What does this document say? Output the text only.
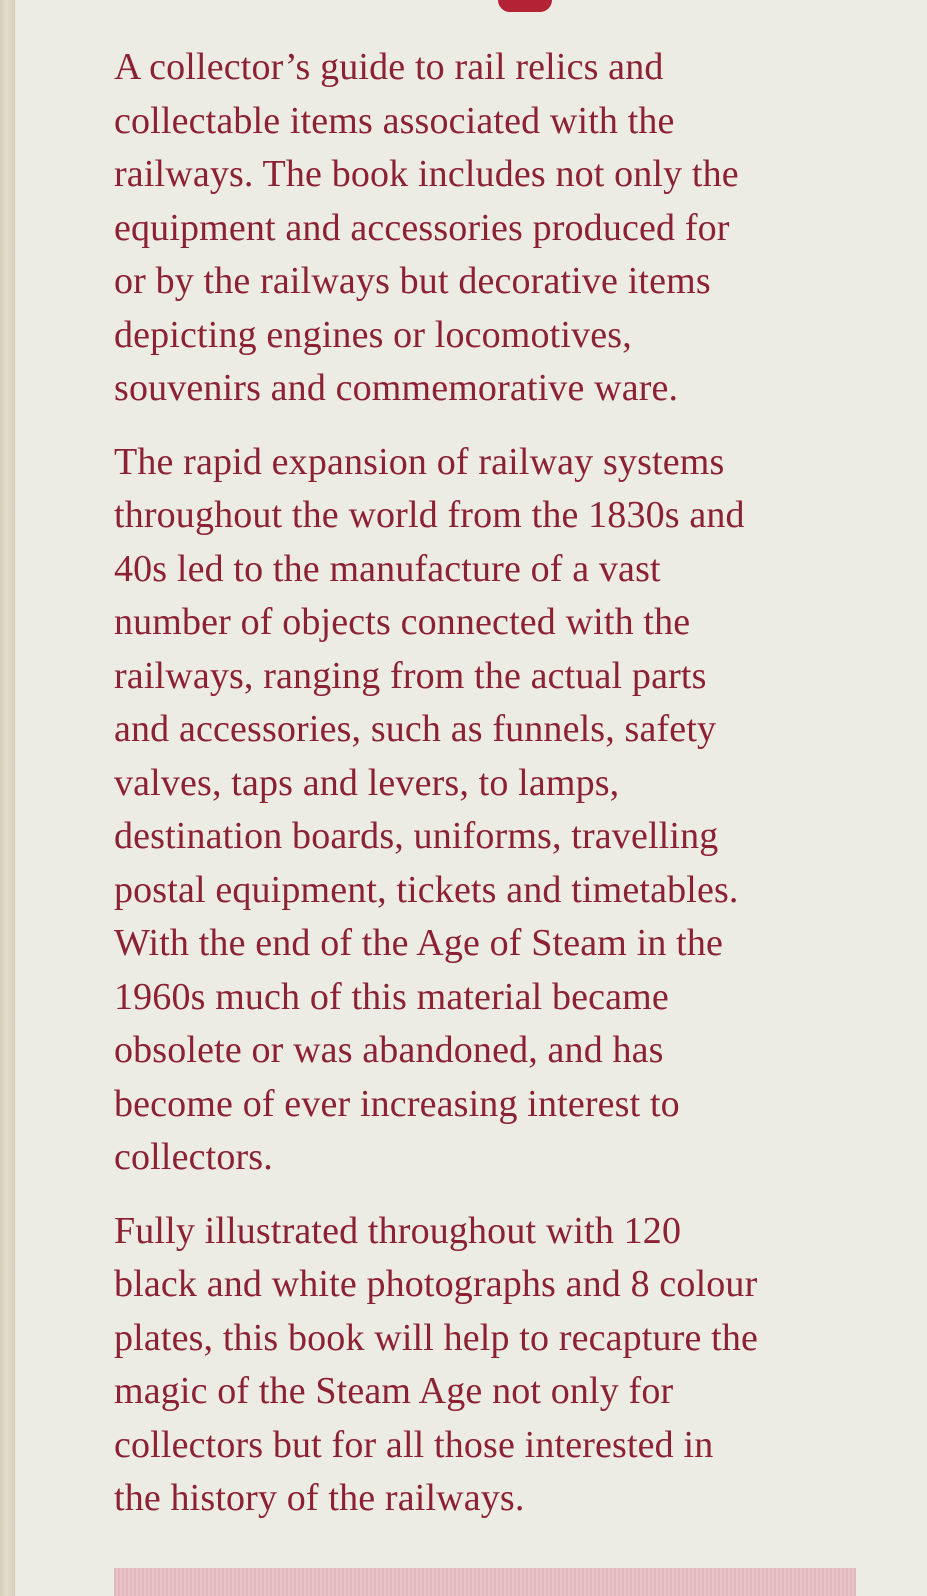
A collector’s guide to rail relics and
collectable items associated with the
railways. The book includes not only the
equipment and accessories produced for
or by the railways but decorative items
depicting engines or locomotives,
souvenirs and commemorative ware.

The rapid expansion of railway systems
throughout the world from the 1830s and
40s led to the manufacture of a vast
number of objects connected with the
railways, ranging from the actual parts
and accessories, such as funnels, safety
valves, taps and levers, to lamps,
destination boards, uniforms, travelling
postal equipment, tickets and timetables.
With the end of the Age of Steam in the
1960s much of this material became
obsolete or was abandoned, and has
become of ever increasing interest to
collectors.

Fully illustrated throughout with 120
black and white photographs and 8 colour
plates, this book will help to recapture the
magic of the Steam Age not only for
collectors but for all those interested in
the history of the railways.
